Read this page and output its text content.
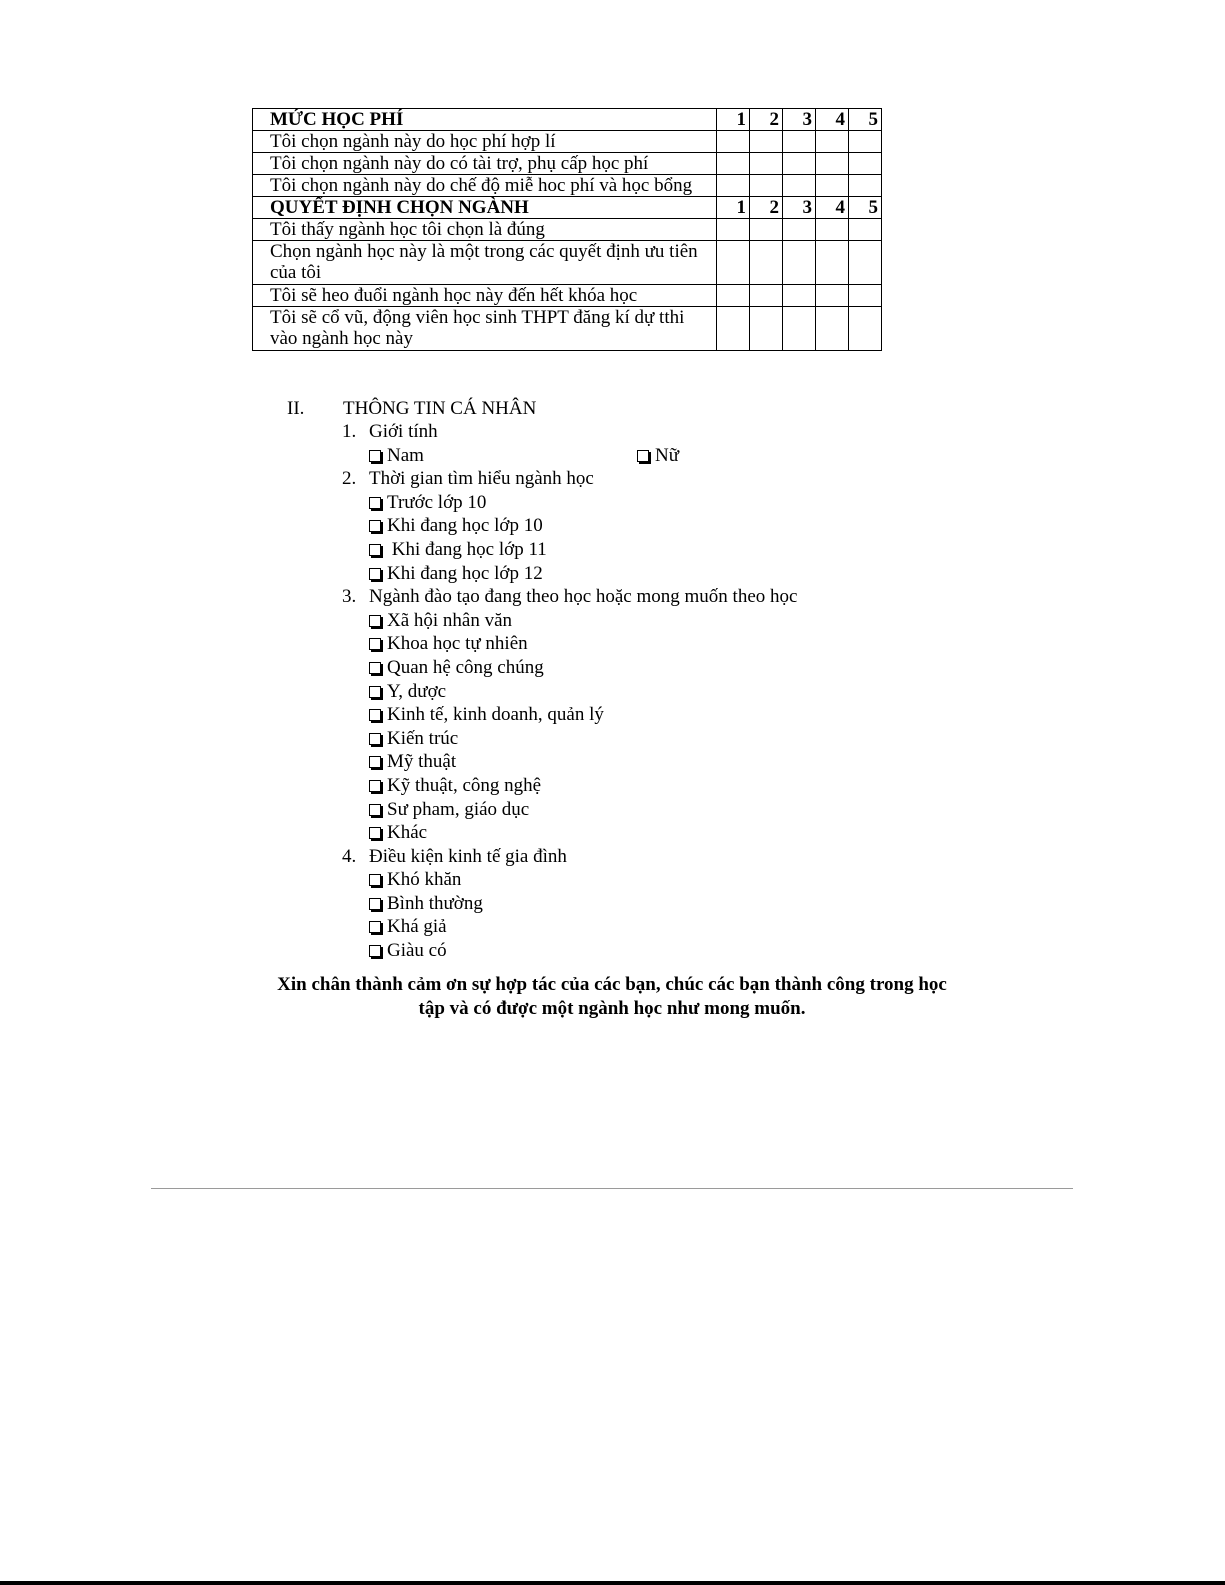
MỨC HỌC PHÍ	1	2	3	4	5
Tôi chọn ngành này do học phí hợp lí					
Tôi chọn ngành này do có tài trợ, phụ cấp học phí					
Tôi chọn ngành này do chế độ miễ hoc phí và học bổng					
QUYẾT ĐỊNH CHỌN NGÀNH	1	2	3	4	5
Tôi thấy ngành học tôi chọn là đúng					
Chọn ngành học này là một trong các quyết định ưu tiên của tôi					
Tôi sẽ heo đuổi ngành học này đến hết khóa học					
Tôi sẽ cổ vũ, động viên học sinh THPT đăng kí dự tthi vào ngành học này					
II.	THÔNG TIN CÁ NHÂN
1. Giới tính
Nam	Nữ
2. Thời gian tìm hiểu ngành học
Trước lớp 10
Khi đang học lớp 10
Khi đang học lớp 11
Khi đang học lớp 12
3. Ngành đào tạo đang theo học hoặc mong muốn theo học
Xã hội nhân văn
Khoa học tự nhiên
Quan hệ công chúng
Y, dược
Kinh tế, kinh doanh, quản lý
Kiến trúc
Mỹ thuật
Kỹ thuật, công nghệ
Sư pham, giáo dục
Khác
4. Điều kiện kinh tế gia đình
Khó khăn
Bình thường
Khá giả
Giàu có
Xin chân thành cảm ơn sự hợp tác của các bạn, chúc các bạn thành công trong học
tập và có được một ngành học như mong muốn.
